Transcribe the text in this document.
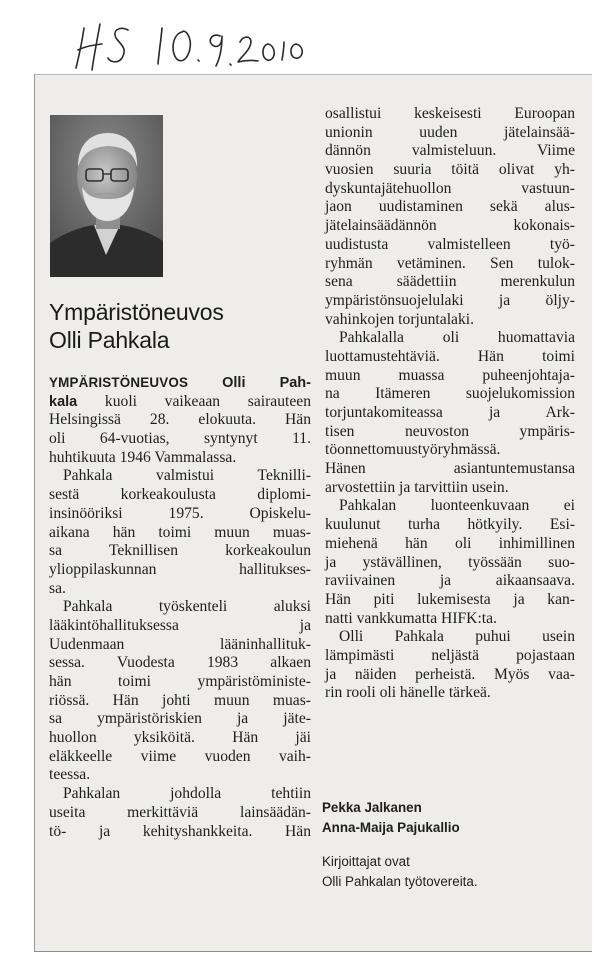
Ympäristöneuvos
Olli Pahkala
YMPÄRISTÖNEUVOS Olli Pah-
kala kuoli vaikeaan sairauteen
Helsingissä 28. elokuuta. Hän
oli 64-vuotias, syntynyt 11.
huhtikuuta 1946 Vammalassa.
Pahkala valmistui Teknilli-
sestä korkeakoulusta diplomi-
insinööriksi 1975. Opiskelu-
aikana hän toimi muun muas-
sa Teknillisen korkeakoulun
ylioppilaskunnan hallitukses-
sa.
Pahkala työskenteli aluksi
lääkintöhallituksessa ja
Uudenmaan lääninhallituk-
sessa. Vuodesta 1983 alkaen
hän toimi ympäristöministe-
riössä. Hän johti muun muas-
sa ympäristöriskien ja jäte-
huollon yksiköitä. Hän jäi
eläkkeelle viime vuoden vaih-
teessa.
Pahkalan johdolla tehtiin
useita merkittäviä lainsäädän-
tö- ja kehityshankkeita. Hän
osallistui keskeisesti Euroopan
unionin uuden jätelainsää-
dännön valmisteluun. Viime
vuosien suuria töitä olivat yh-
dyskuntajätehuollon vastuun-
jaon uudistaminen sekä alus-
jätelainsäädännön kokonais-
uudistusta valmistelleen työ-
ryhmän vetäminen. Sen tulok-
sena säädettiin merenkulun
ympäristönsuojelulaki ja öljy-
vahinkojen torjuntalaki.
Pahkalalla oli huomattavia
luottamustehtäviä. Hän toimi
muun muassa puheenjohtaja-
na Itämeren suojelukomission
torjuntakomiteassa ja Ark-
tisen neuvoston ympäris-
töonnettomuustyöryhmässä.
Hänen asiantuntemustansa
arvostettiin ja tarvittiin usein.
Pahkalan luonteenkuvaan ei
kuulunut turha hötkyily. Esi-
miehenä hän oli inhimillinen
ja ystävällinen, työssään suo-
raviivainen ja aikaansaava.
Hän piti lukemisesta ja kan-
natti vankkumatta HIFK:ta.
Olli Pahkala puhui usein
lämpimästi neljästä pojastaan
ja näiden perheistä. Myös vaa-
rin rooli oli hänelle tärkeä.
Pekka Jalkanen
Anna-Maija Pajukallio
Kirjoittajat ovat
Olli Pahkalan työtovereita.
